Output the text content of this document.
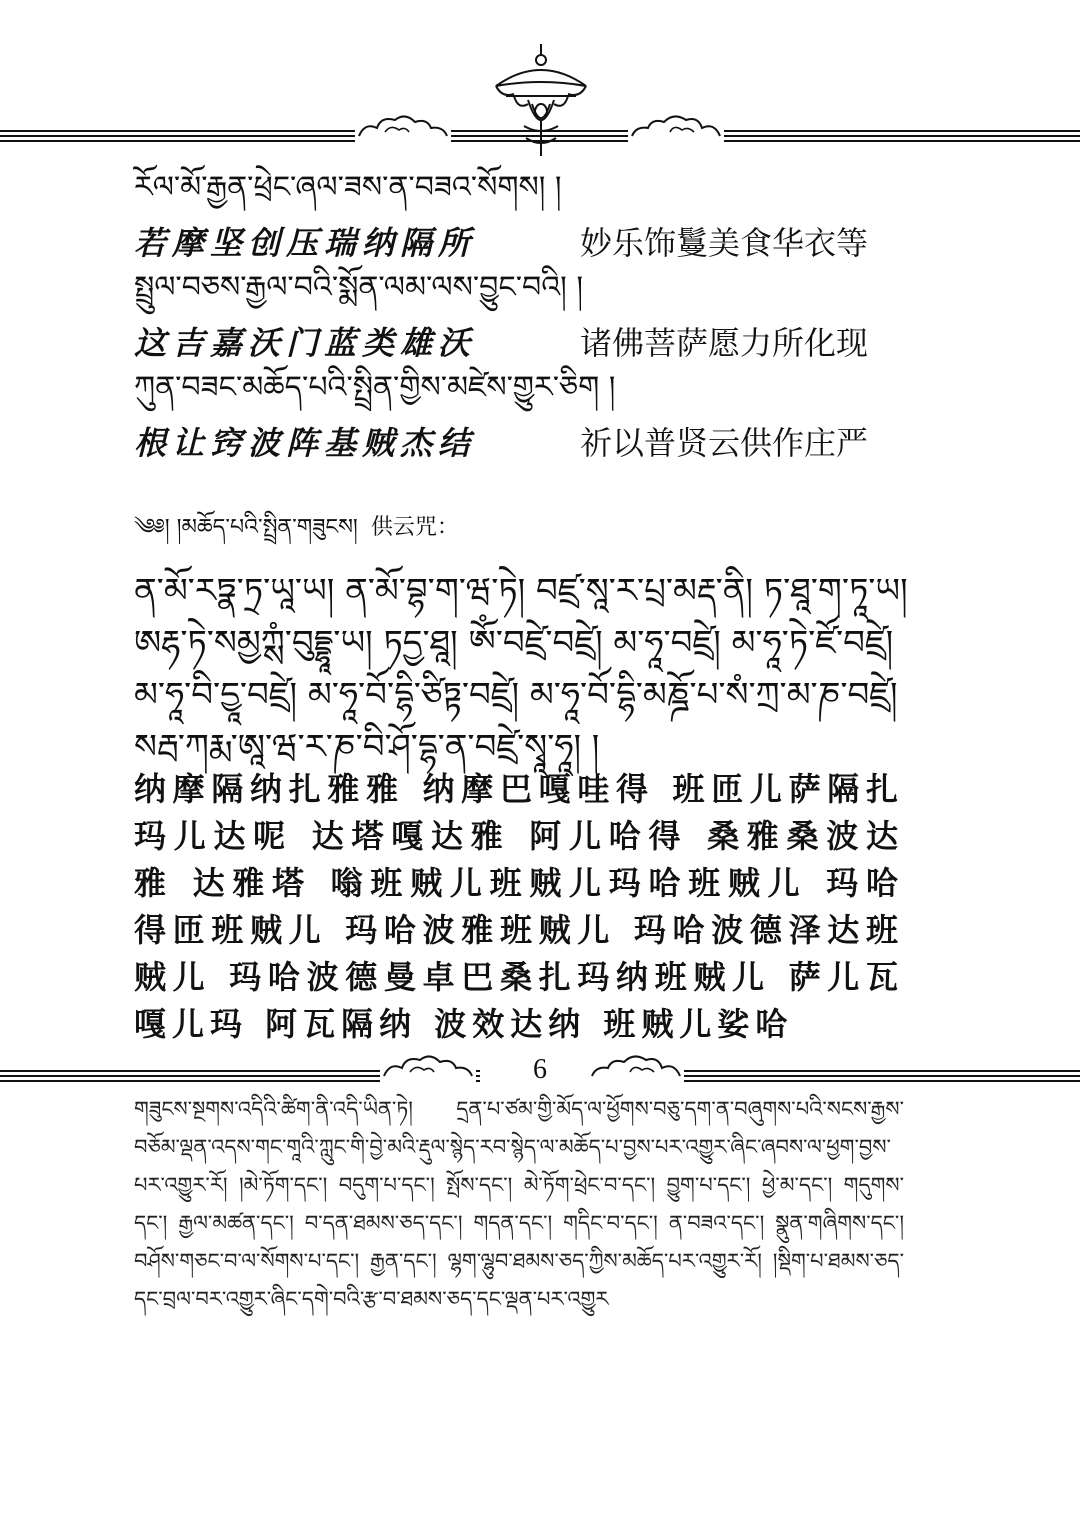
རོལ་མོ་རྒྱན་ཕྲེང་ཞལ་ཟས་ན་བཟའ་སོགས། །
若摩坚创压瑞纳隔所	妙乐饰鬘美食华衣等
སྤྲུལ་བཅས་རྒྱལ་བའི་སྨོན་ལམ་ལས་བྱུང་བའི། །
这吉嘉沃门蓝类雄沃	诸佛菩萨愿力所化现
ཀུན་བཟང་མཆོད་པའི་སྤྲིན་གྱིས་མཛེས་གྱུར་ཅིག །
根让窍波阵基贼杰结	祈以普贤云供作庄严
༄༅། །མཆོད་པའི་སྤྲིན་གཟུངས། 供云咒：
ན་མོ་རཏྣ་ཏྲ་ཡཱ་ཡ། ན་མོ་བྷ་ག་ཝ་ཏེ། བཛྲ་སཱ་ར་པྲ་མརྡ་ནི། ཏ་ཐཱ་ག་ཏཱ་ཡ།
ཨརྷ་ཏེ་སམྱཀྶཾ་བུདྡྷཱ་ཡ། ཏདྱ་ཐཱ། ཨོཾ་བཛྲེ་བཛྲེ། མ་ཧཱ་བཛྲེ། མ་ཧཱ་ཏེ་ཛོ་བཛྲེ།
མ་ཧཱ་བི་དྱཱ་བཛྲེ། མ་ཧཱ་བོ་དྷི་ཙིཏྟ་བཛྲེ། མ་ཧཱ་བོ་དྷི་མཎྜོ་པ་སཾ་ཀྲ་མ་ཎ་བཛྲེ།
སརྦ་ཀརྨ་ཨཱ་ཝ་ར་ཎ་བི་ཤོ་དྷ་ན་བཛྲེ་སྭཱ་ཧཱ། །
纳摩隔纳扎雅雅 纳摩巴嘎哇得 班匝儿萨隔扎玛儿达呢 达塔嘎达雅 阿儿哈得 桑雅桑波达雅 达雅塔 嗡班贼儿班贼儿玛哈班贼儿 玛哈得匝班贼儿 玛哈波雅班贼儿 玛哈波德泽达班贼儿 玛哈波德曼卓巴桑扎玛纳班贼儿 萨儿瓦嘎儿玛 阿瓦隔纳 波效达纳 班贼儿娑哈
གཟུངས་སྔགས་འདིའི་ཚིག་ནི་འདི་ཡིན་ཏེ། དྲན་པ་ཙམ་གྱི་མོད་ལ་ཕྱོགས་བཅུ་དག་ན་བཞུགས་པའི་སངས་རྒྱས་བཅོམ་ལྡན་འདས་གང་གཱའི་ཀླུང་གི་བྱེ་མའི་རྡུལ་སྙེད་རབ་སྙེད་ལ་མཆོད་པ་བྱས་པར་འགྱུར་ཞིང་ཞབས་ལ་ཕྱག་བྱས་པར་འགྱུར་རོ། །མེ་ཏོག་དང་། བདུག་པ་དང་། སྤོས་དང་། མེ་ཏོག་ཕྲེང་བ་དང་། བྱུག་པ་དང་། ཕྱེ་མ་དང་། གདུགས་དང་། རྒྱལ་མཚན་དང་། བ་དན་ཐམས་ཅད་དང་། གདན་དང་། གདིང་བ་དང་། ན་བཟའ་དང་། སྣུན་གཞིགས་དང་། བཤོས་གཅང་བ་ལ་སོགས་པ་དང་། རྒྱན་དང་། ལྷག་ལྷུབ་ཐམས་ཅད་ཀྱིས་མཆོད་པར་འགྱུར་རོ། །སྡིག་པ་ཐམས་ཅད་དང་བྲལ་བར་འགྱུར་ཞིང་དགེ་བའི་རྩ་བ་ཐམས་ཅད་དང་ལྡན་པར་འགྱུར
6
